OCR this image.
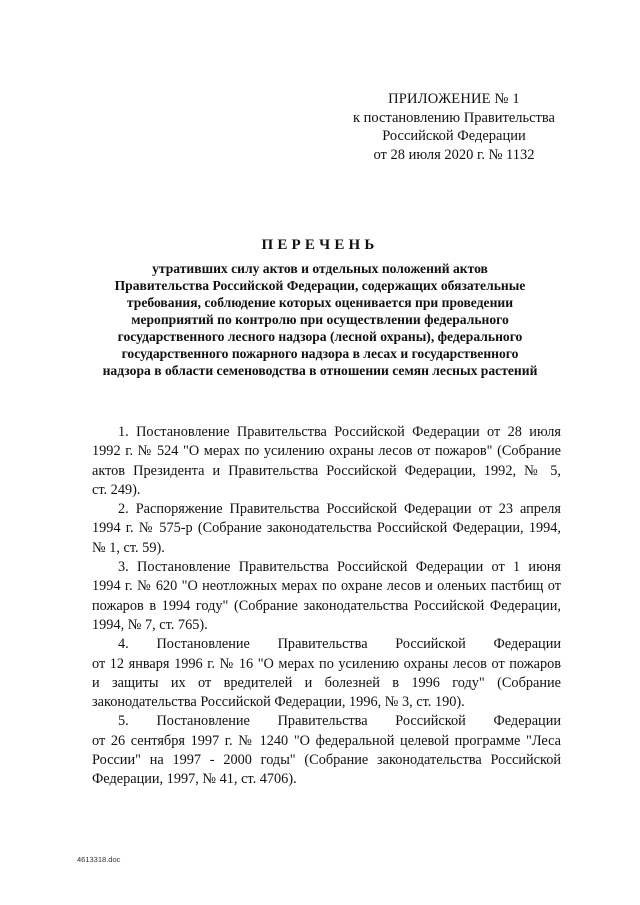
ПРИЛОЖЕНИЕ № 1
к постановлению Правительства
Российской Федерации
от 28 июля 2020 г. № 1132
ПЕРЕЧЕНЬ
утративших силу актов и отдельных положений актов
Правительства Российской Федерации, содержащих обязательные
требования, соблюдение которых оценивается при проведении
мероприятий по контролю при осуществлении федерального
государственного лесного надзора (лесной охраны), федерального
государственного пожарного надзора в лесах и государственного
надзора в области семеноводства в отношении семян лесных растений
1. Постановление Правительства Российской Федерации от 28 июля
1992 г. № 524 "О мерах по усилению охраны лесов от пожаров" (Собрание
актов Президента и Правительства Российской Федерации, 1992, № 5,
ст. 249).
2. Распоряжение Правительства Российской Федерации от 23 апреля
1994 г. № 575-р (Собрание законодательства Российской Федерации, 1994,
№ 1, ст. 59).
3. Постановление Правительства Российской Федерации от 1 июня
1994 г. № 620 "О неотложных мерах по охране лесов и оленьих пастбищ от
пожаров в 1994 году" (Собрание законодательства Российской Федерации,
1994, № 7, ст. 765).
4. Постановление Правительства Российской Федерации
от 12 января 1996 г. № 16 "О мерах по усилению охраны лесов от пожаров
и защиты их от вредителей и болезней в 1996 году" (Собрание
законодательства Российской Федерации, 1996, № 3, ст. 190).
5. Постановление Правительства Российской Федерации
от 26 сентября 1997 г. № 1240 "О федеральной целевой программе "Леса
России" на 1997 - 2000 годы" (Собрание законодательства Российской
Федерации, 1997, № 41, ст. 4706).
4613318.doc
